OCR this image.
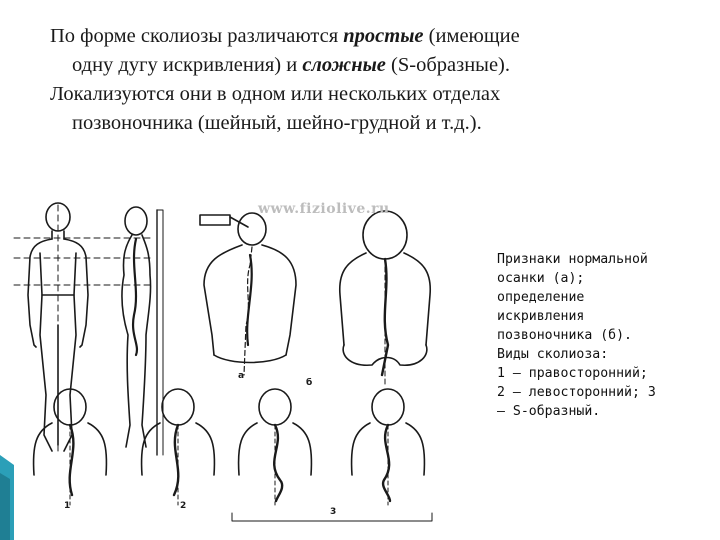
По форме сколиозы различаются простые (имеющие
одну дугу искривления) и сложные (S-образные).

Локализуются они в одном или нескольких отделах
позвоночника (шейный, шейно-грудной и т.д.).

а
б
1	2
3
www.fiziolive.ru
Признаки нормальной
осанки (а);
определение
искривления
позвоночника (б).
Виды сколиоза:
1 — правосторонний;
2 — левосторонний; 3
— S-образный.
